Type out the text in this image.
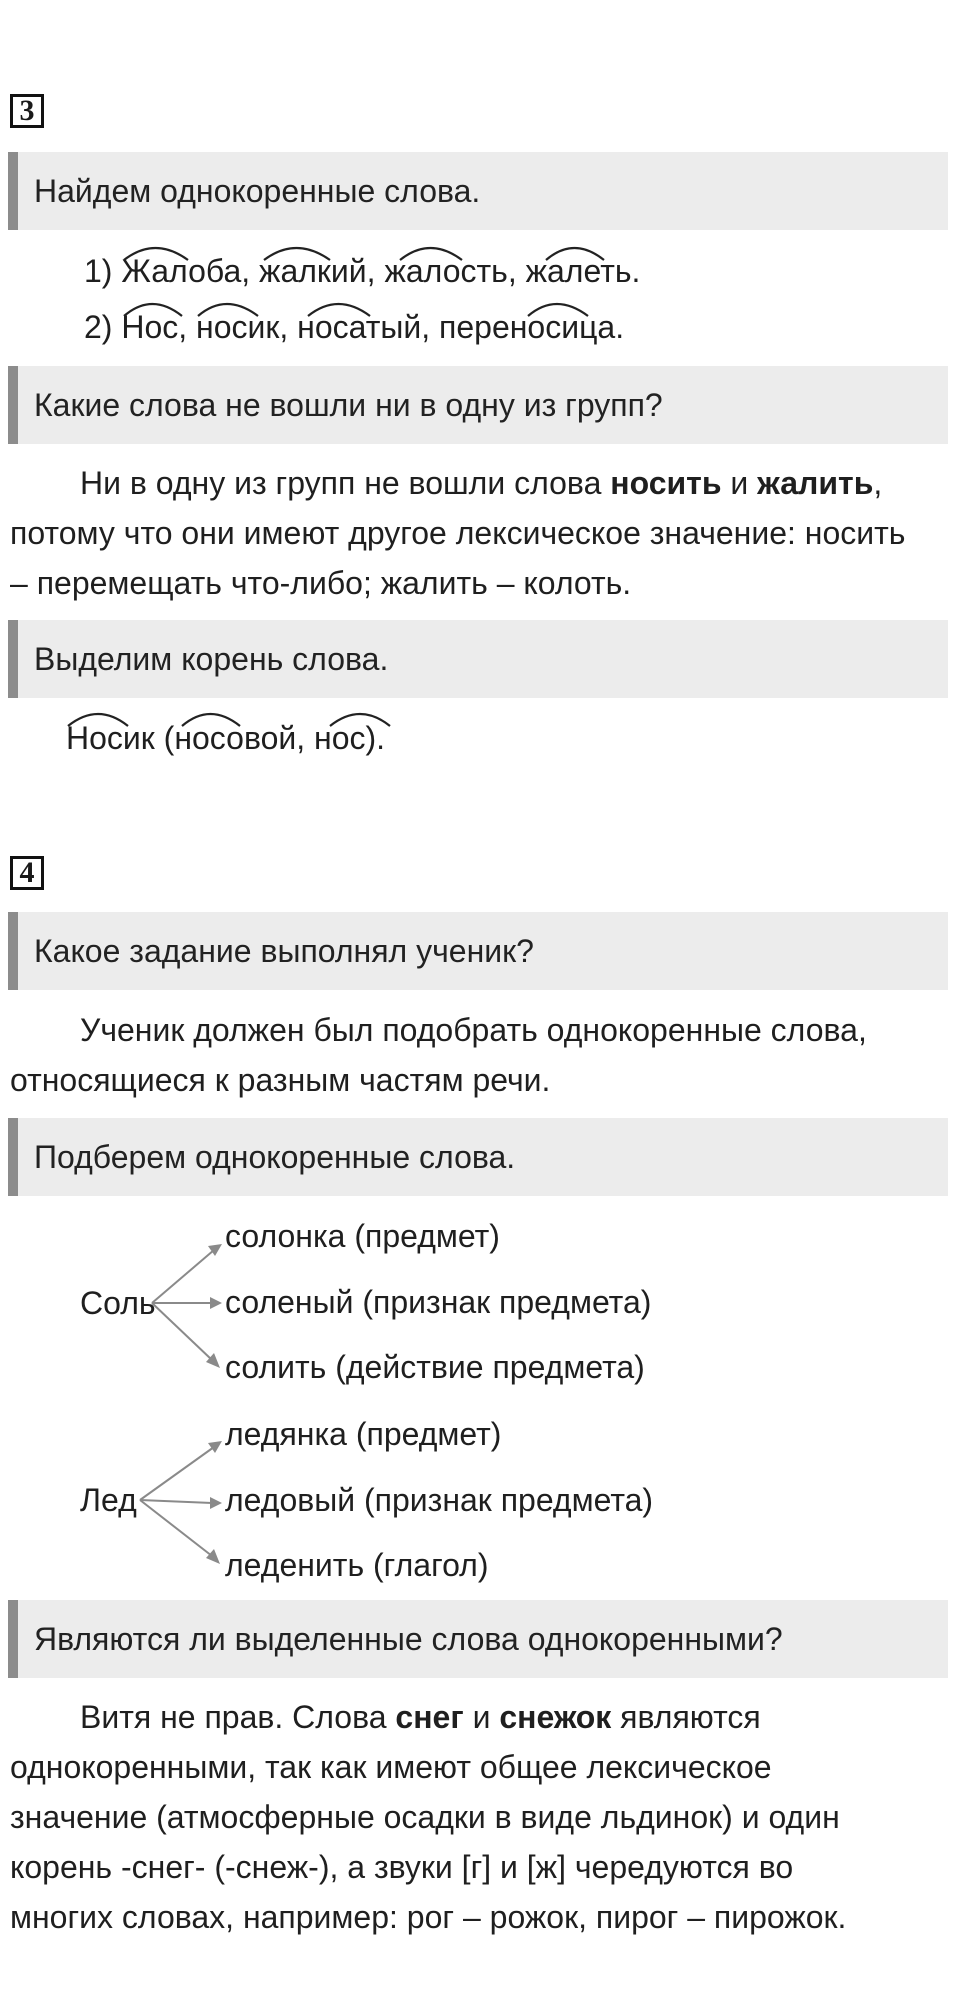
3
Найдем однокоренные слова.
1) Жалоба, жалкий, жалость, жалеть.
2) Нос, носик, носатый, переносица.
Какие слова не вошли ни в одну из групп?
Ни в одну из групп не вошли слова носить и жалить,
потому что они имеют другое лексическое значение: носить
– перемещать что-либо; жалить – колоть.
Выделим корень слова.
Носик (носовой, нос).
4
Какое задание выполнял ученик?
Ученик должен был подобрать однокоренные слова,
относящиеся к разным частям речи.
Подберем однокоренные слова.
Соль
солонка (предмет)
соленый (признак предмета)
солить (действие предмета)
Лед
ледянка (предмет)
ледовый (признак предмета)
леденить (глагол)
Являются ли выделенные слова однокоренными?
Витя не прав. Слова снег и снежок являются
однокоренными, так как имеют общее лексическое
значение (атмосферные осадки в виде льдинок) и один
корень -снег- (-снеж-), а звуки [г] и [ж] чередуются во
многих словах, например: рог – рожок, пирог – пирожок.
